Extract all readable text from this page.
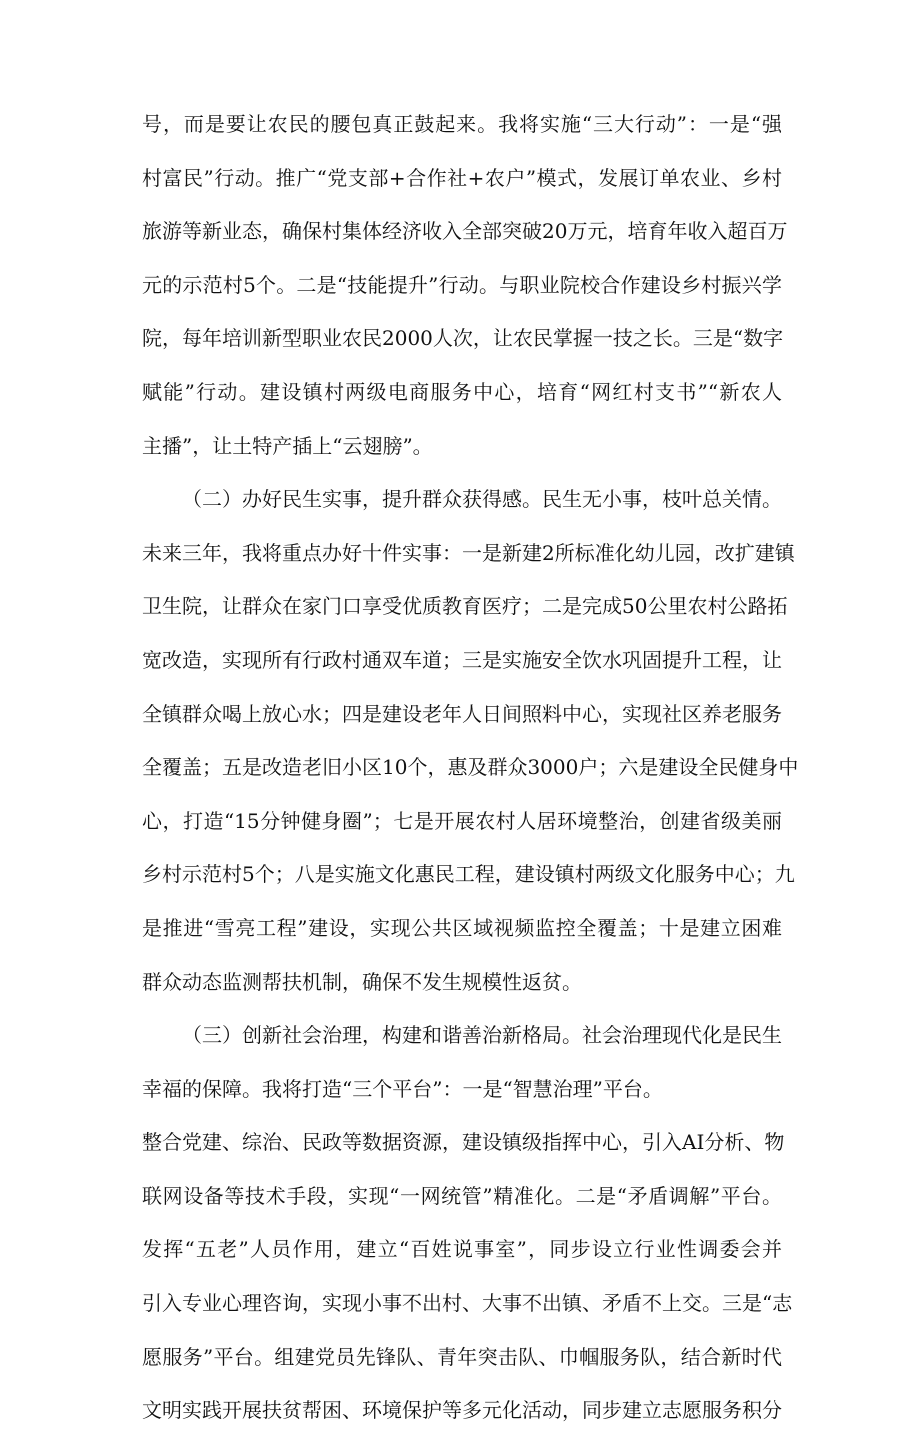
号，而是要让农民的腰包真正鼓起来。我将实施“三大行动”：一是“强
村富民”行动。推广“党支部+合作社+农户”模式，发展订单农业、乡村
旅游等新业态，确保村集体经济收入全部突破20万元，培育年收入超百万
元的示范村5个。二是“技能提升”行动。与职业院校合作建设乡村振兴学
院，每年培训新型职业农民2000人次，让农民掌握一技之长。三是“数字
赋能”行动。建设镇村两级电商服务中心，培育“网红村支书”“新农人
主播”，让土特产插上“云翅膀”。
（二）办好民生实事，提升群众获得感。民生无小事，枝叶总关情。
未来三年，我将重点办好十件实事：一是新建2所标准化幼儿园，改扩建镇
卫生院，让群众在家门口享受优质教育医疗；二是完成50公里农村公路拓
宽改造，实现所有行政村通双车道；三是实施安全饮水巩固提升工程，让
全镇群众喝上放心水；四是建设老年人日间照料中心，实现社区养老服务
全覆盖；五是改造老旧小区10个，惠及群众3000户；六是建设全民健身中
心，打造“15分钟健身圈”；七是开展农村人居环境整治，创建省级美丽
乡村示范村5个；八是实施文化惠民工程，建设镇村两级文化服务中心；九
是推进“雪亮工程”建设，实现公共区域视频监控全覆盖；十是建立困难
群众动态监测帮扶机制，确保不发生规模性返贫。
（三）创新社会治理，构建和谐善治新格局。社会治理现代化是民生
幸福的保障。我将打造“三个平台”：一是“智慧治理”平台。
整合党建、综治、民政等数据资源，建设镇级指挥中心，引入AI分析、物
联网设备等技术手段，实现“一网统管”精准化。二是“矛盾调解”平台。
发挥“五老”人员作用，建立“百姓说事室”，同步设立行业性调委会并
引入专业心理咨询，实现小事不出村、大事不出镇、矛盾不上交。三是“志
愿服务”平台。组建党员先锋队、青年突击队、巾帼服务队，结合新时代
文明实践开展扶贫帮困、环境保护等多元化活动，同步建立志愿服务积分
